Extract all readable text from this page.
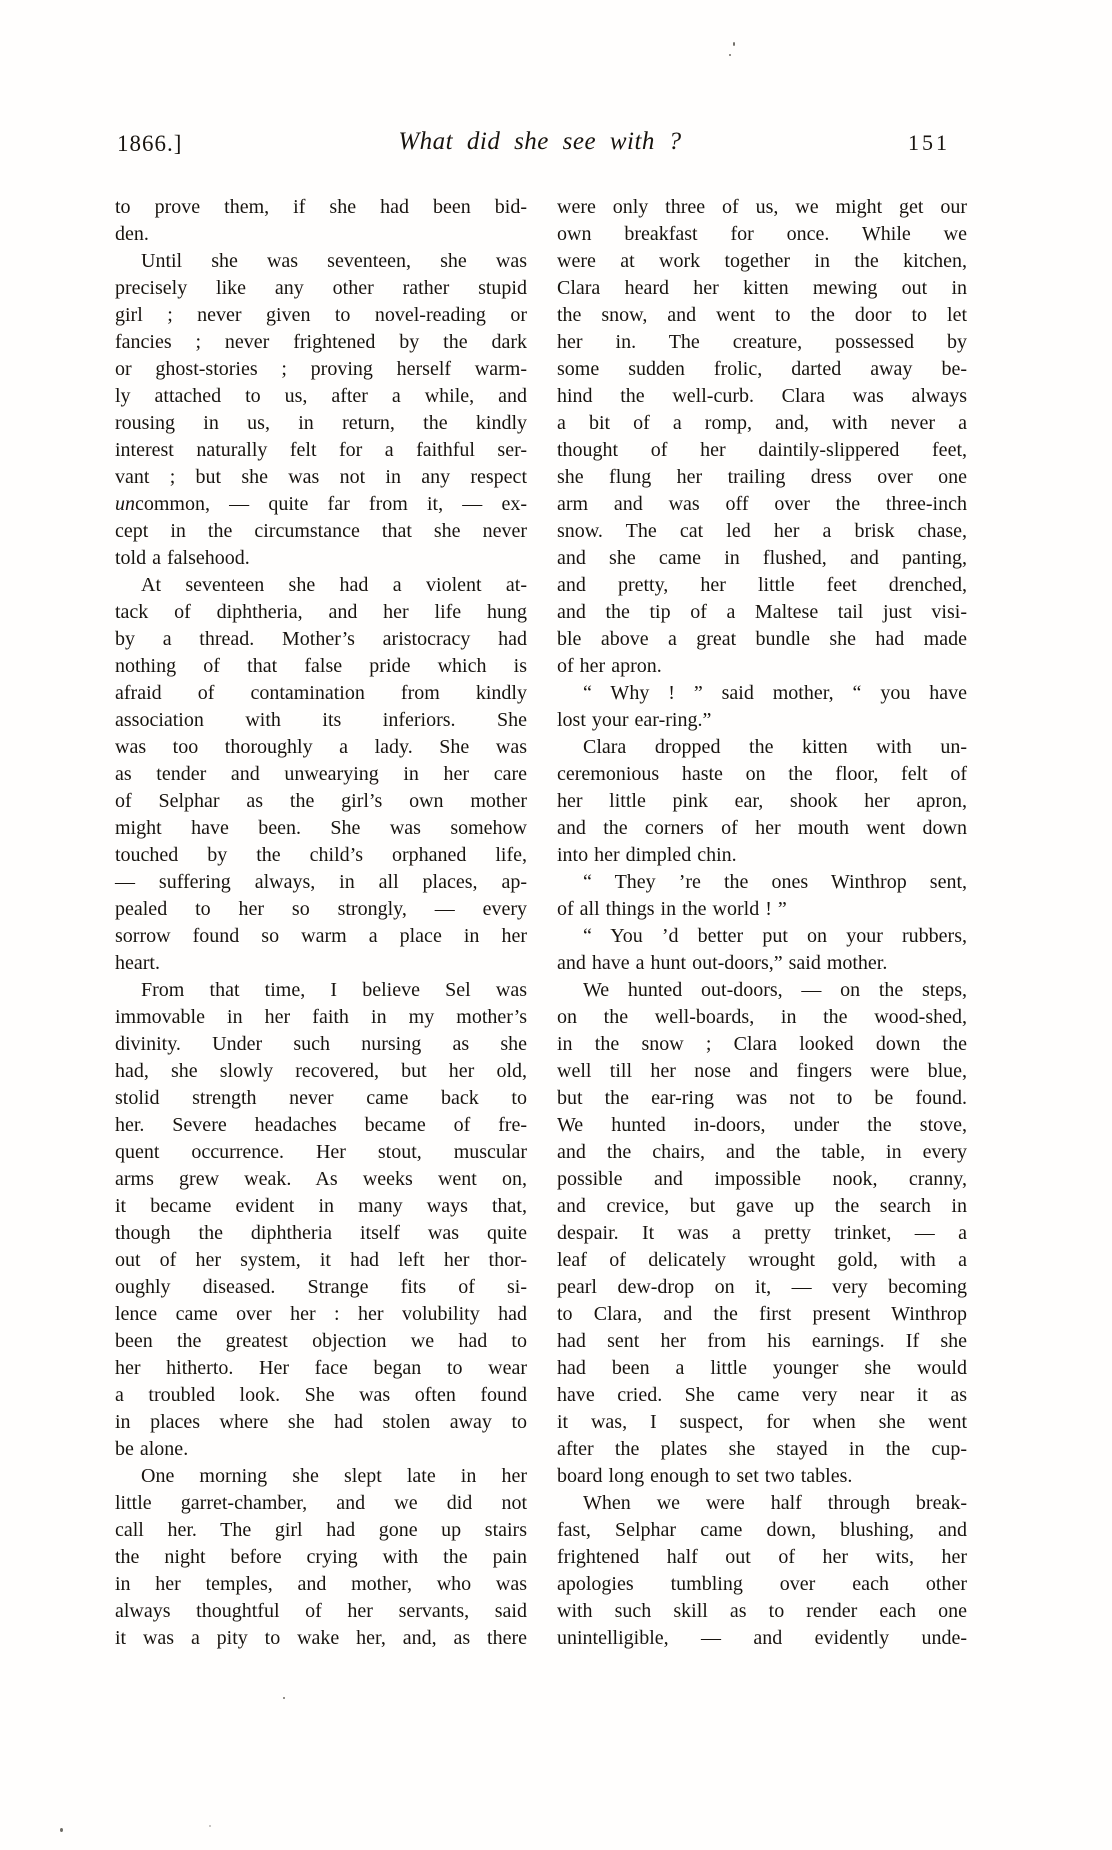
1866.]	What did she see with ?	151
to prove them, if she had been bid-
den.
Until she was seventeen, she was
precisely like any other rather stupid
girl ; never given to novel-reading or
fancies ; never frightened by the dark
or ghost-stories ; proving herself warm-
ly attached to us, after a while, and
rousing in us, in return, the kindly
interest naturally felt for a faithful ser-
vant ; but she was not in any respect
uncommon, — quite far from it, — ex-
cept in the circumstance that she never
told a falsehood.
At seventeen she had a violent at-
tack of diphtheria, and her life hung
by a thread. Mother’s aristocracy had
nothing of that false pride which is
afraid of contamination from kindly
association with its inferiors. She
was too thoroughly a lady. She was
as tender and unwearying in her care
of Selphar as the girl’s own mother
might have been. She was somehow
touched by the child’s orphaned life,
— suffering always, in all places, ap-
pealed to her so strongly, — every
sorrow found so warm a place in her
heart.
From that time, I believe Sel was
immovable in her faith in my mother’s
divinity. Under such nursing as she
had, she slowly recovered, but her old,
stolid strength never came back to
her. Severe headaches became of fre-
quent occurrence. Her stout, muscular
arms grew weak. As weeks went on,
it became evident in many ways that,
though the diphtheria itself was quite
out of her system, it had left her thor-
oughly diseased. Strange fits of si-
lence came over her : her volubility had
been the greatest objection we had to
her hitherto. Her face began to wear
a troubled look. She was often found
in places where she had stolen away to
be alone.
One morning she slept late in her
little garret-chamber, and we did not
call her. The girl had gone up stairs
the night before crying with the pain
in her temples, and mother, who was
always thoughtful of her servants, said
it was a pity to wake her, and, as there
were only three of us, we might get our
own breakfast for once. While we
were at work together in the kitchen,
Clara heard her kitten mewing out in
the snow, and went to the door to let
her in. The creature, possessed by
some sudden frolic, darted away be-
hind the well-curb. Clara was always
a bit of a romp, and, with never a
thought of her daintily-slippered feet,
she flung her trailing dress over one
arm and was off over the three-inch
snow. The cat led her a brisk chase,
and she came in flushed, and panting,
and pretty, her little feet drenched,
and the tip of a Maltese tail just visi-
ble above a great bundle she had made
of her apron.
“ Why ! ” said mother, “ you have
lost your ear-ring.”
Clara dropped the kitten with un-
ceremonious haste on the floor, felt of
her little pink ear, shook her apron,
and the corners of her mouth went down
into her dimpled chin.
“ They ’re the ones Winthrop sent,
of all things in the world ! ”
“ You ’d better put on your rubbers,
and have a hunt out-doors,” said mother.
We hunted out-doors, — on the steps,
on the well-boards, in the wood-shed,
in the snow ; Clara looked down the
well till her nose and fingers were blue,
but the ear-ring was not to be found.
We hunted in-doors, under the stove,
and the chairs, and the table, in every
possible and impossible nook, cranny,
and crevice, but gave up the search in
despair. It was a pretty trinket, — a
leaf of delicately wrought gold, with a
pearl dew-drop on it, — very becoming
to Clara, and the first present Winthrop
had sent her from his earnings. If she
had been a little younger she would
have cried. She came very near it as
it was, I suspect, for when she went
after the plates she stayed in the cup-
board long enough to set two tables.
When we were half through break-
fast, Selphar came down, blushing, and
frightened half out of her wits, her
apologies tumbling over each other
with such skill as to render each one
unintelligible, — and evidently unde-
